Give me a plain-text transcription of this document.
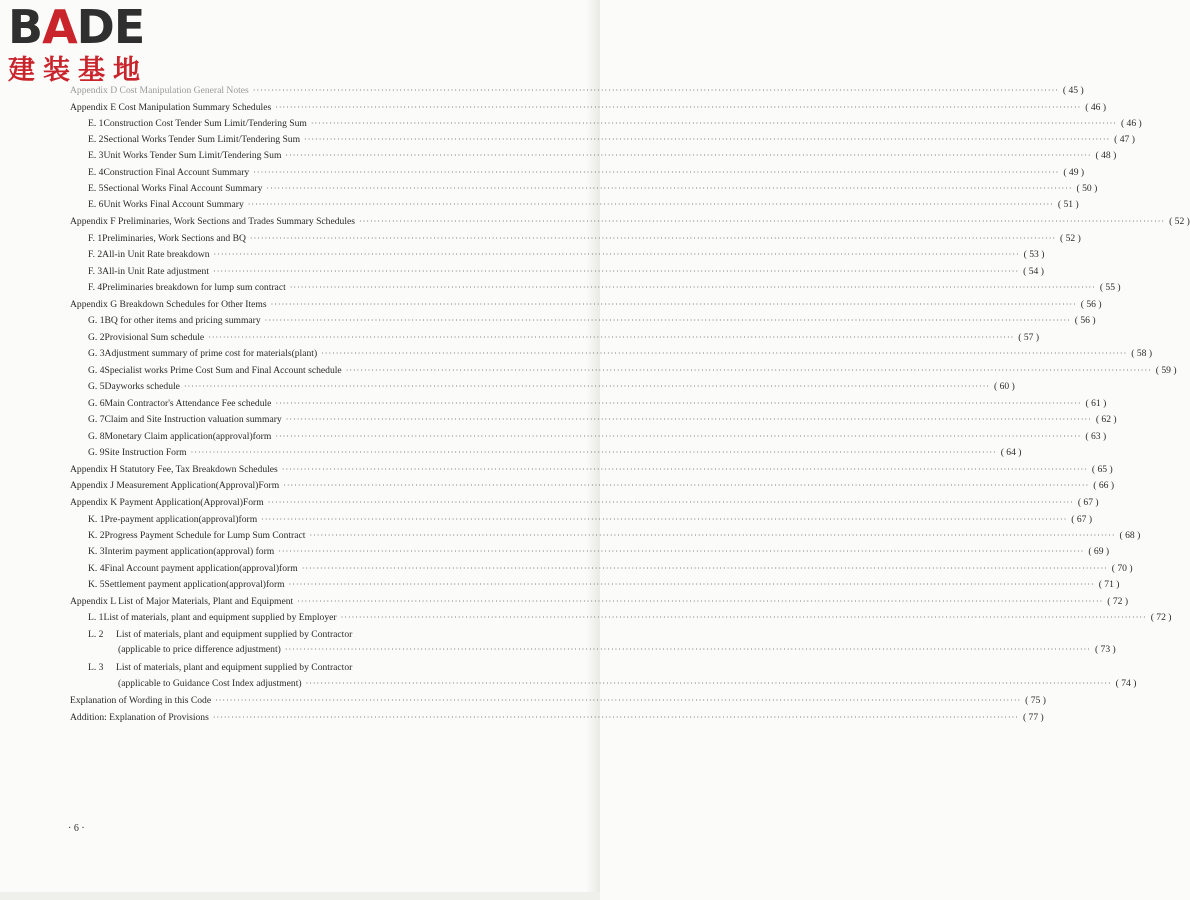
BADE
建装基地
Appendix D Cost Manipulation General Notes ···························································································································································································································· ( 45 )
Appendix E Cost Manipulation Summary Schedules ···························································································································································································································· ( 46 )
E. 1 Construction Cost Tender Sum Limit/Tendering Sum ···························································································································································································································· ( 46 )
E. 2 Sectional Works Tender Sum Limit/Tendering Sum ···························································································································································································································· ( 47 )
E. 3 Unit Works Tender Sum Limit/Tendering Sum ···························································································································································································································· ( 48 )
E. 4 Construction Final Account Summary ···························································································································································································································· ( 49 )
E. 5 Sectional Works Final Account Summary ···························································································································································································································· ( 50 )
E. 6 Unit Works Final Account Summary ···························································································································································································································· ( 51 )
Appendix F Preliminaries, Work Sections and Trades Summary Schedules ···························································································································································································································· ( 52 )
F. 1 Preliminaries, Work Sections and BQ ···························································································································································································································· ( 52 )
F. 2 All-in Unit Rate breakdown ···························································································································································································································· ( 53 )
F. 3 All-in Unit Rate adjustment ···························································································································································································································· ( 54 )
F. 4 Preliminaries breakdown for lump sum contract ···························································································································································································································· ( 55 )
Appendix G Breakdown Schedules for Other Items ···························································································································································································································· ( 56 )
G. 1 BQ for other items and pricing summary ···························································································································································································································· ( 56 )
G. 2 Provisional Sum schedule ···························································································································································································································· ( 57 )
G. 3 Adjustment summary of prime cost for materials(plant) ···························································································································································································································· ( 58 )
G. 4 Specialist works Prime Cost Sum and Final Account schedule ···························································································································································································································· ( 59 )
G. 5 Dayworks schedule ···························································································································································································································· ( 60 )
G. 6 Main Contractor's Attendance Fee schedule ···························································································································································································································· ( 61 )
G. 7 Claim and Site Instruction valuation summary ···························································································································································································································· ( 62 )
G. 8 Monetary Claim application(approval)form ···························································································································································································································· ( 63 )
G. 9 Site Instruction Form ···························································································································································································································· ( 64 )
Appendix H Statutory Fee, Tax Breakdown Schedules ···························································································································································································································· ( 65 )
Appendix J Measurement Application(Approval)Form ···························································································································································································································· ( 66 )
Appendix K Payment Application(Approval)Form ···························································································································································································································· ( 67 )
K. 1 Pre-payment application(approval)form ···························································································································································································································· ( 67 )
K. 2 Progress Payment Schedule for Lump Sum Contract ···························································································································································································································· ( 68 )
K. 3 Interim payment application(approval) form ···························································································································································································································· ( 69 )
K. 4 Final Account payment application(approval)form ···························································································································································································································· ( 70 )
K. 5 Settlement payment application(approval)form ···························································································································································································································· ( 71 )
Appendix L List of Major Materials, Plant and Equipment ···························································································································································································································· ( 72 )
L. 1 List of materials, plant and equipment supplied by Employer ···························································································································································································································· ( 72 )
L. 2	List of materials, plant and equipment supplied by Contractor
(applicable to price difference adjustment) ···························································································································································································································· ( 73 )
L. 3	List of materials, plant and equipment supplied by Contractor
(applicable to Guidance Cost Index adjustment) ···························································································································································································································· ( 74 )
Explanation of Wording in this Code ···························································································································································································································· ( 75 )
Addition: Explanation of Provisions ···························································································································································································································· ( 77 )
· 6 ·
